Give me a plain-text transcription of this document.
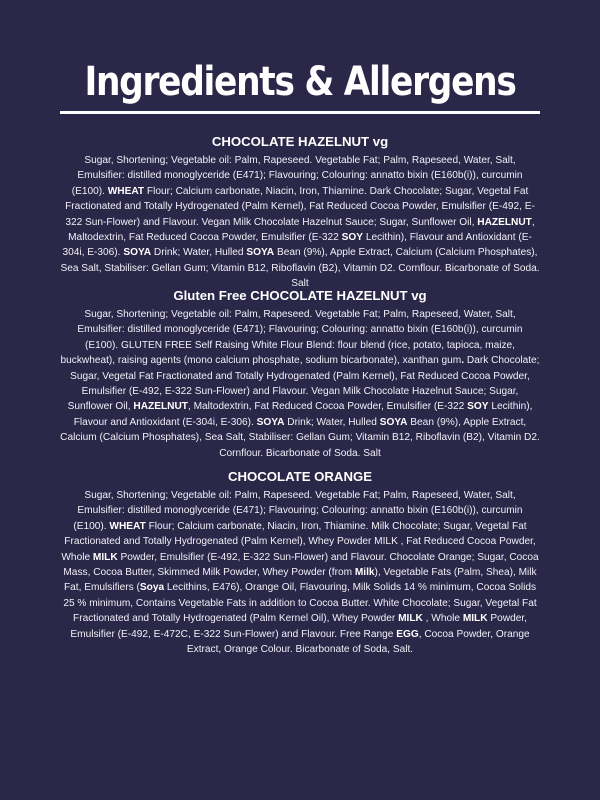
Ingredients & Allergens
CHOCOLATE HAZELNUT vg
Sugar, Shortening; Vegetable oil: Palm, Rapeseed. Vegetable Fat; Palm, Rapeseed, Water, Salt, Emulsifier: distilled monoglyceride (E471); Flavouring; Colouring: annatto bixin (E160b(i)), curcumin (E100). WHEAT Flour; Calcium carbonate, Niacin, Iron, Thiamine. Dark Chocolate; Sugar, Vegetal Fat Fractionated and Totally Hydrogenated (Palm Kernel), Fat Reduced Cocoa Powder, Emulsifier (E-492, E-322 Sun-Flower) and Flavour. Vegan Milk Chocolate Hazelnut Sauce; Sugar, Sunflower Oil, HAZELNUT, Maltodextrin, Fat Reduced Cocoa Powder, Emulsifier (E-322 SOY Lecithin), Flavour and Antioxidant (E-304i, E-306). SOYA Drink; Water, Hulled SOYA Bean (9%), Apple Extract, Calcium (Calcium Phosphates), Sea Salt, Stabiliser: Gellan Gum; Vitamin B12, Riboflavin (B2), Vitamin D2. Cornflour. Bicarbonate of Soda. Salt
Gluten Free CHOCOLATE HAZELNUT vg
Sugar, Shortening; Vegetable oil: Palm, Rapeseed. Vegetable Fat; Palm, Rapeseed, Water, Salt, Emulsifier: distilled monoglyceride (E471); Flavouring; Colouring: annatto bixin (E160b(i)), curcumin (E100). GLUTEN FREE Self Raising White Flour Blend: flour blend (rice, potato, tapioca, maize, buckwheat), raising agents (mono calcium phosphate, sodium bicarbonate), xanthan gum. Dark Chocolate; Sugar, Vegetal Fat Fractionated and Totally Hydrogenated (Palm Kernel), Fat Reduced Cocoa Powder, Emulsifier (E-492, E-322 Sun-Flower) and Flavour. Vegan Milk Chocolate Hazelnut Sauce; Sugar, Sunflower Oil, HAZELNUT, Maltodextrin, Fat Reduced Cocoa Powder, Emulsifier (E-322 SOY Lecithin), Flavour and Antioxidant (E-304i, E-306). SOYA Drink; Water, Hulled SOYA Bean (9%), Apple Extract, Calcium (Calcium Phosphates), Sea Salt, Stabiliser: Gellan Gum; Vitamin B12, Riboflavin (B2), Vitamin D2. Cornflour. Bicarbonate of Soda. Salt
CHOCOLATE ORANGE
Sugar, Shortening; Vegetable oil: Palm, Rapeseed. Vegetable Fat; Palm, Rapeseed, Water, Salt, Emulsifier: distilled monoglyceride (E471); Flavouring; Colouring: annatto bixin (E160b(i)), curcumin (E100). WHEAT Flour; Calcium carbonate, Niacin, Iron, Thiamine. Milk Chocolate; Sugar, Vegetal Fat Fractionated and Totally Hydrogenated (Palm Kernel), Whey Powder MILK , Fat Reduced Cocoa Powder, Whole MILK Powder, Emulsifier (E-492, E-322 Sun-Flower) and Flavour. Chocolate Orange; Sugar, Cocoa Mass, Cocoa Butter, Skimmed Milk Powder, Whey Powder (from Milk), Vegetable Fats (Palm, Shea), Milk Fat, Emulsifiers (Soya Lecithins, E476), Orange Oil, Flavouring, Milk Solids 14 % minimum, Cocoa Solids 25 % minimum, Contains Vegetable Fats in addition to Cocoa Butter. White Chocolate; Sugar, Vegetal Fat Fractionated and Totally Hydrogenated (Palm Kernel Oil), Whey Powder MILK , Whole MILK Powder, Emulsifier (E-492, E-472C, E-322 Sun-Flower) and Flavour. Free Range EGG, Cocoa Powder, Orange Extract, Orange Colour. Bicarbonate of Soda, Salt.
